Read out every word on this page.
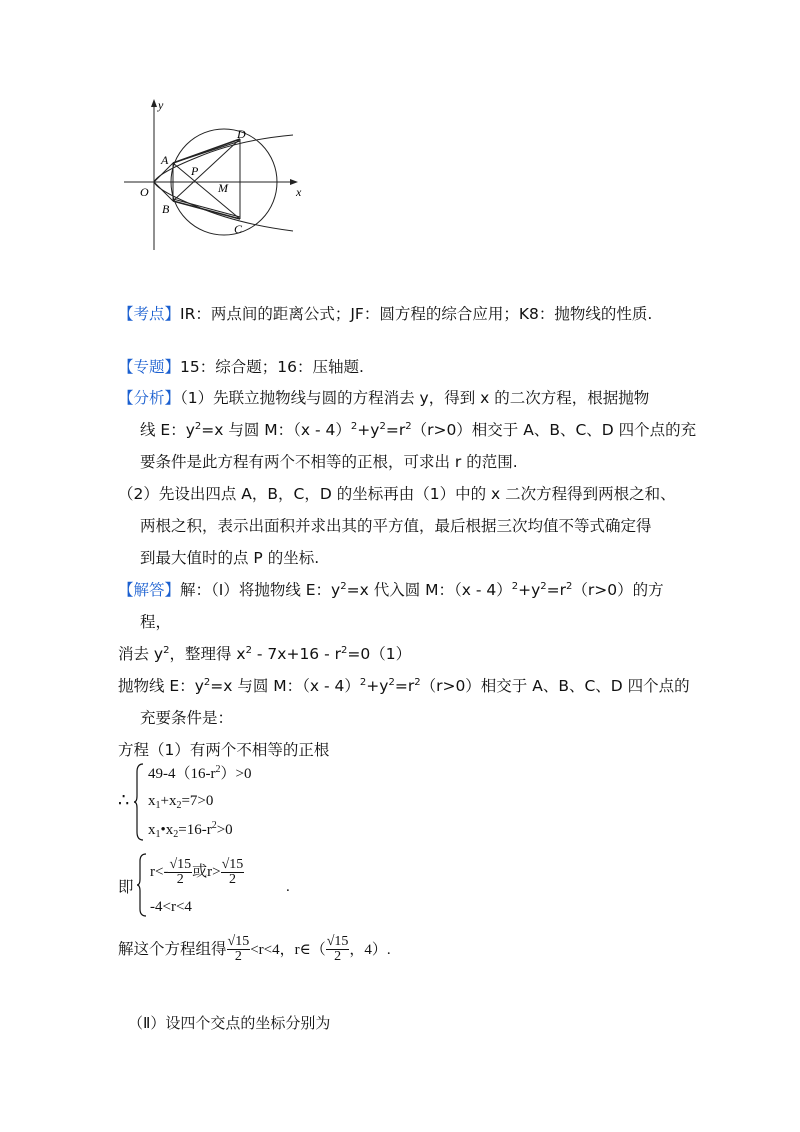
y
x
O
A
B
C
D
P
M
【考点】IR：两点间的距离公式；JF：圆方程的综合应用；K8：抛物线的性质.
【专题】15：综合题；16：压轴题.
【分析】（1）先联立抛物线与圆的方程消去 y，得到 x 的二次方程，根据抛物
线 E：$y^2=x$ 与圆 M：$(x - 4)^2+y^2=r^2(r>0)$相交于 A、B、C、D 四个点的充
要条件是此方程有两个不相等的正根，可求出 r 的范围.
（2）先设出四点 A，B，C，D 的坐标再由（1）中的 x 二次方程得到两根之和、
两根之积，表示出面积并求出其的平方值，最后根据三次均值不等式确定得
到最大值时的点 P 的坐标.
【解答】解：（Ⅰ）将抛物线 E：$y^2=x$ 代入圆 M：$(x - 4)^2+y^2=r^2(r>0)$的方
程，
消去 $y^2$，整理得 $x^2 - 7x+16 - r^2=0(1)$
抛物线 E：$y^2=x$ 与圆 M：$(x - 4)^2+y^2=r^2(r>0)$相交于 A、B、C、D 四个点的
充要条件是：
方程（1）有两个不相等的正根
∴
$49-4(16-r^2)>0$
$x_1+x_2=7>0$
$x_1•x_2=16-r^2>0$
即
$r<- \frac{√15}{2}$ 或$r> \frac{√15}{2}$	.
-4<r<4
解这个方程组得 $\frac{√15}{2} <r<4$，r∈（ $\frac{√15}{2}$ ，4）.
（Ⅱ）设四个交点的坐标分别为
